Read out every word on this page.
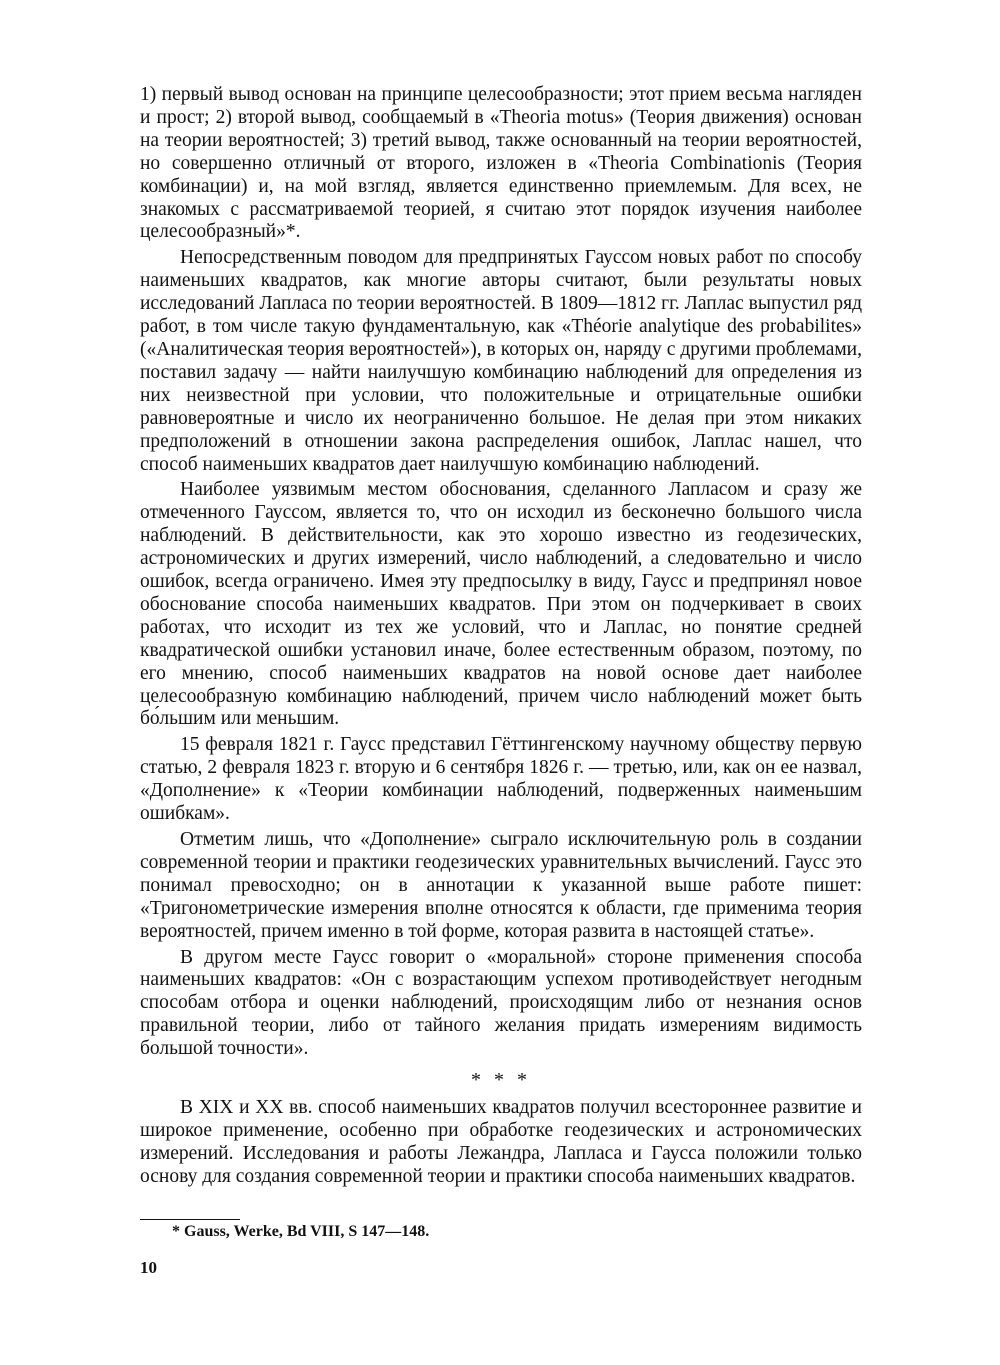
1) первый вывод основан на принципе целесообразности; этот прием весьма нагляден и прост; 2) второй вывод, сообщаемый в «Theoria motus» (Теория движения) основан на теории вероятностей; 3) третий вывод, также основанный на теории вероятностей, но совершенно отличный от второго, изложен в «Theoria Combinationis (Теория комбинации) и, на мой взгляд, является единственно приемлемым. Для всех, не знакомых с рассматриваемой теорией, я считаю этот порядок изучения наиболее целесообразный»*.

Непосредственным поводом для предпринятых Гауссом новых работ по способу наименьших квадратов, как многие авторы считают, были результаты новых исследований Лапласа по теории вероятностей. В 1809—1812 гг. Лаплас выпустил ряд работ, в том числе такую фундаментальную, как «Théorie analytique des probabilites» («Аналитическая теория вероятностей»), в которых он, наряду с другими проблемами, поставил задачу — найти наилучшую комбинацию наблюдений для определения из них неизвестной при условии, что положительные и отрицательные ошибки равновероятные и число их неограниченно большое. Не делая при этом никаких предположений в отношении закона распределения ошибок, Лаплас нашел, что способ наименьших квадратов дает наилучшую комбинацию наблюдений.

Наиболее уязвимым местом обоснования, сделанного Лапласом и сразу же отмеченного Гауссом, является то, что он исходил из бесконечно большого числа наблюдений. В действительности, как это хорошо известно из геодезических, астрономических и других измерений, число наблюдений, а следовательно и число ошибок, всегда ограничено. Имея эту предпосылку в виду, Гаусс и предпринял новое обоснование способа наименьших квадратов. При этом он подчеркивает в своих работах, что исходит из тех же условий, что и Лаплас, но понятие средней квадратической ошибки установил иначе, более естественным образом, поэтому, по его мнению, способ наименьших квадратов на новой основе дает наиболее целесообразную комбинацию наблюдений, причем число наблюдений может быть бо́льшим или меньшим.

15 февраля 1821 г. Гаусс представил Гёттингенскому научному обществу первую статью, 2 февраля 1823 г. вторую и 6 сентября 1826 г. — третью, или, как он ее назвал, «Дополнение» к «Теории комбинации наблюдений, подверженных наименьшим ошибкам».

Отметим лишь, что «Дополнение» сыграло исключительную роль в создании современной теории и практики геодезических уравнительных вычислений. Гаусс это понимал превосходно; он в аннотации к указанной выше работе пишет: «Тригонометрические измерения вполне относятся к области, где применима теория вероятностей, причем именно в той форме, которая развита в настоящей статье».

В другом месте Гаусс говорит о «моральной» стороне применения способа наименьших квадратов: «Он с возрастающим успехом противодействует негодным способам отбора и оценки наблюдений, происходящим либо от незнания основ правильной теории, либо от тайного желания придать измерениям видимость большой точности».

* * *

В XIX и XX вв. способ наименьших квадратов получил всестороннее развитие и широкое применение, особенно при обработке геодезических и астрономических измерений. Исследования и работы Лежандра, Лапласа и Гаусса положили только основу для создания современной теории и практики способа наименьших квадратов.

* Gauss, Werke, Bd VIII, S 147—148.
10
